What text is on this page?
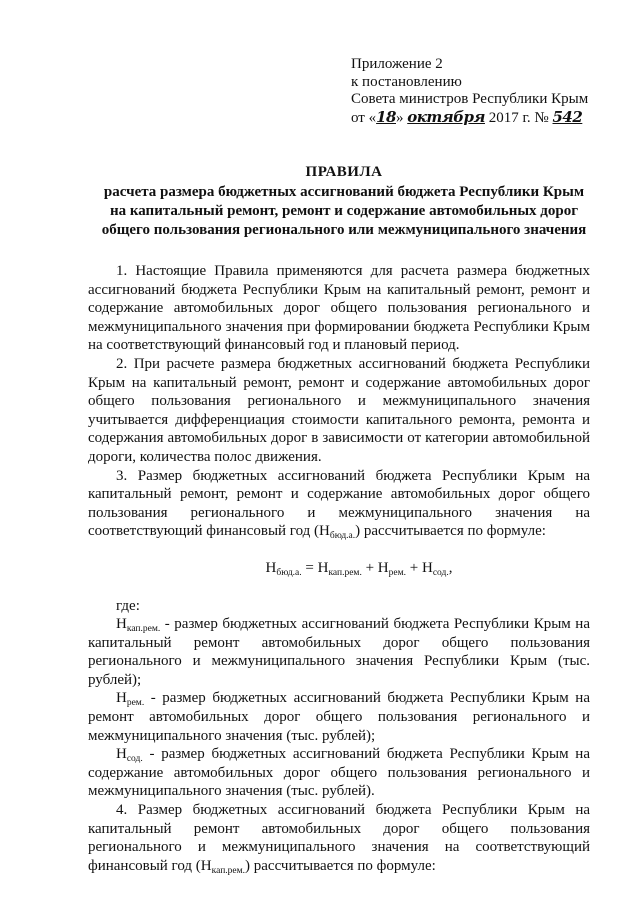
Приложение 2
к постановлению
Совета министров Республики Крым
от «18» октября 2017 г. № 542
ПРАВИЛА
расчета размера бюджетных ассигнований бюджета Республики Крым
на капитальный ремонт, ремонт и содержание автомобильных дорог
общего пользования регионального или межмуниципального значения

1. Настоящие Правила применяются для расчета размера бюджетных ассигнований бюджета Республики Крым на капитальный ремонт, ремонт и содержание автомобильных дорог общего пользования регионального и межмуниципального значения при формировании бюджета Республики Крым на соответствующий финансовый год и плановый период.

2. При расчете размера бюджетных ассигнований бюджета Республики Крым на капитальный ремонт, ремонт и содержание автомобильных дорог общего пользования регионального и межмуниципального значения учитывается дифференциация стоимости капитального ремонта, ремонта и содержания автомобильных дорог в зависимости от категории автомобильной дороги, количества полос движения.

3. Размер бюджетных ассигнований бюджета Республики Крым на капитальный ремонт, ремонт и содержание автомобильных дорог общего пользования регионального и межмуниципального значения на соответствующий финансовый год $(Н_{бюд.а.})$ рассчитывается по формуле:

$Н_{бюд.а.} = Н_{кап.рем.} + Н_{рем.} + Н_{сод.}$,

где:

$Н_{кап.рем.}$ - размер бюджетных ассигнований бюджета Республики Крым на капитальный ремонт автомобильных дорог общего пользования регионального и межмуниципального значения Республики Крым (тыс. рублей);

$Н_{рем.}$ - размер бюджетных ассигнований бюджета Республики Крым на ремонт автомобильных дорог общего пользования регионального и межмуниципального значения (тыс. рублей);

$Н_{сод.}$ - размер бюджетных ассигнований бюджета Республики Крым на содержание автомобильных дорог общего пользования регионального и межмуниципального значения (тыс. рублей).

4. Размер бюджетных ассигнований бюджета Республики Крым на капитальный ремонт автомобильных дорог общего пользования регионального и межмуниципального значения на соответствующий финансовый год $(Н_{кап.рем.})$ рассчитывается по формуле:
